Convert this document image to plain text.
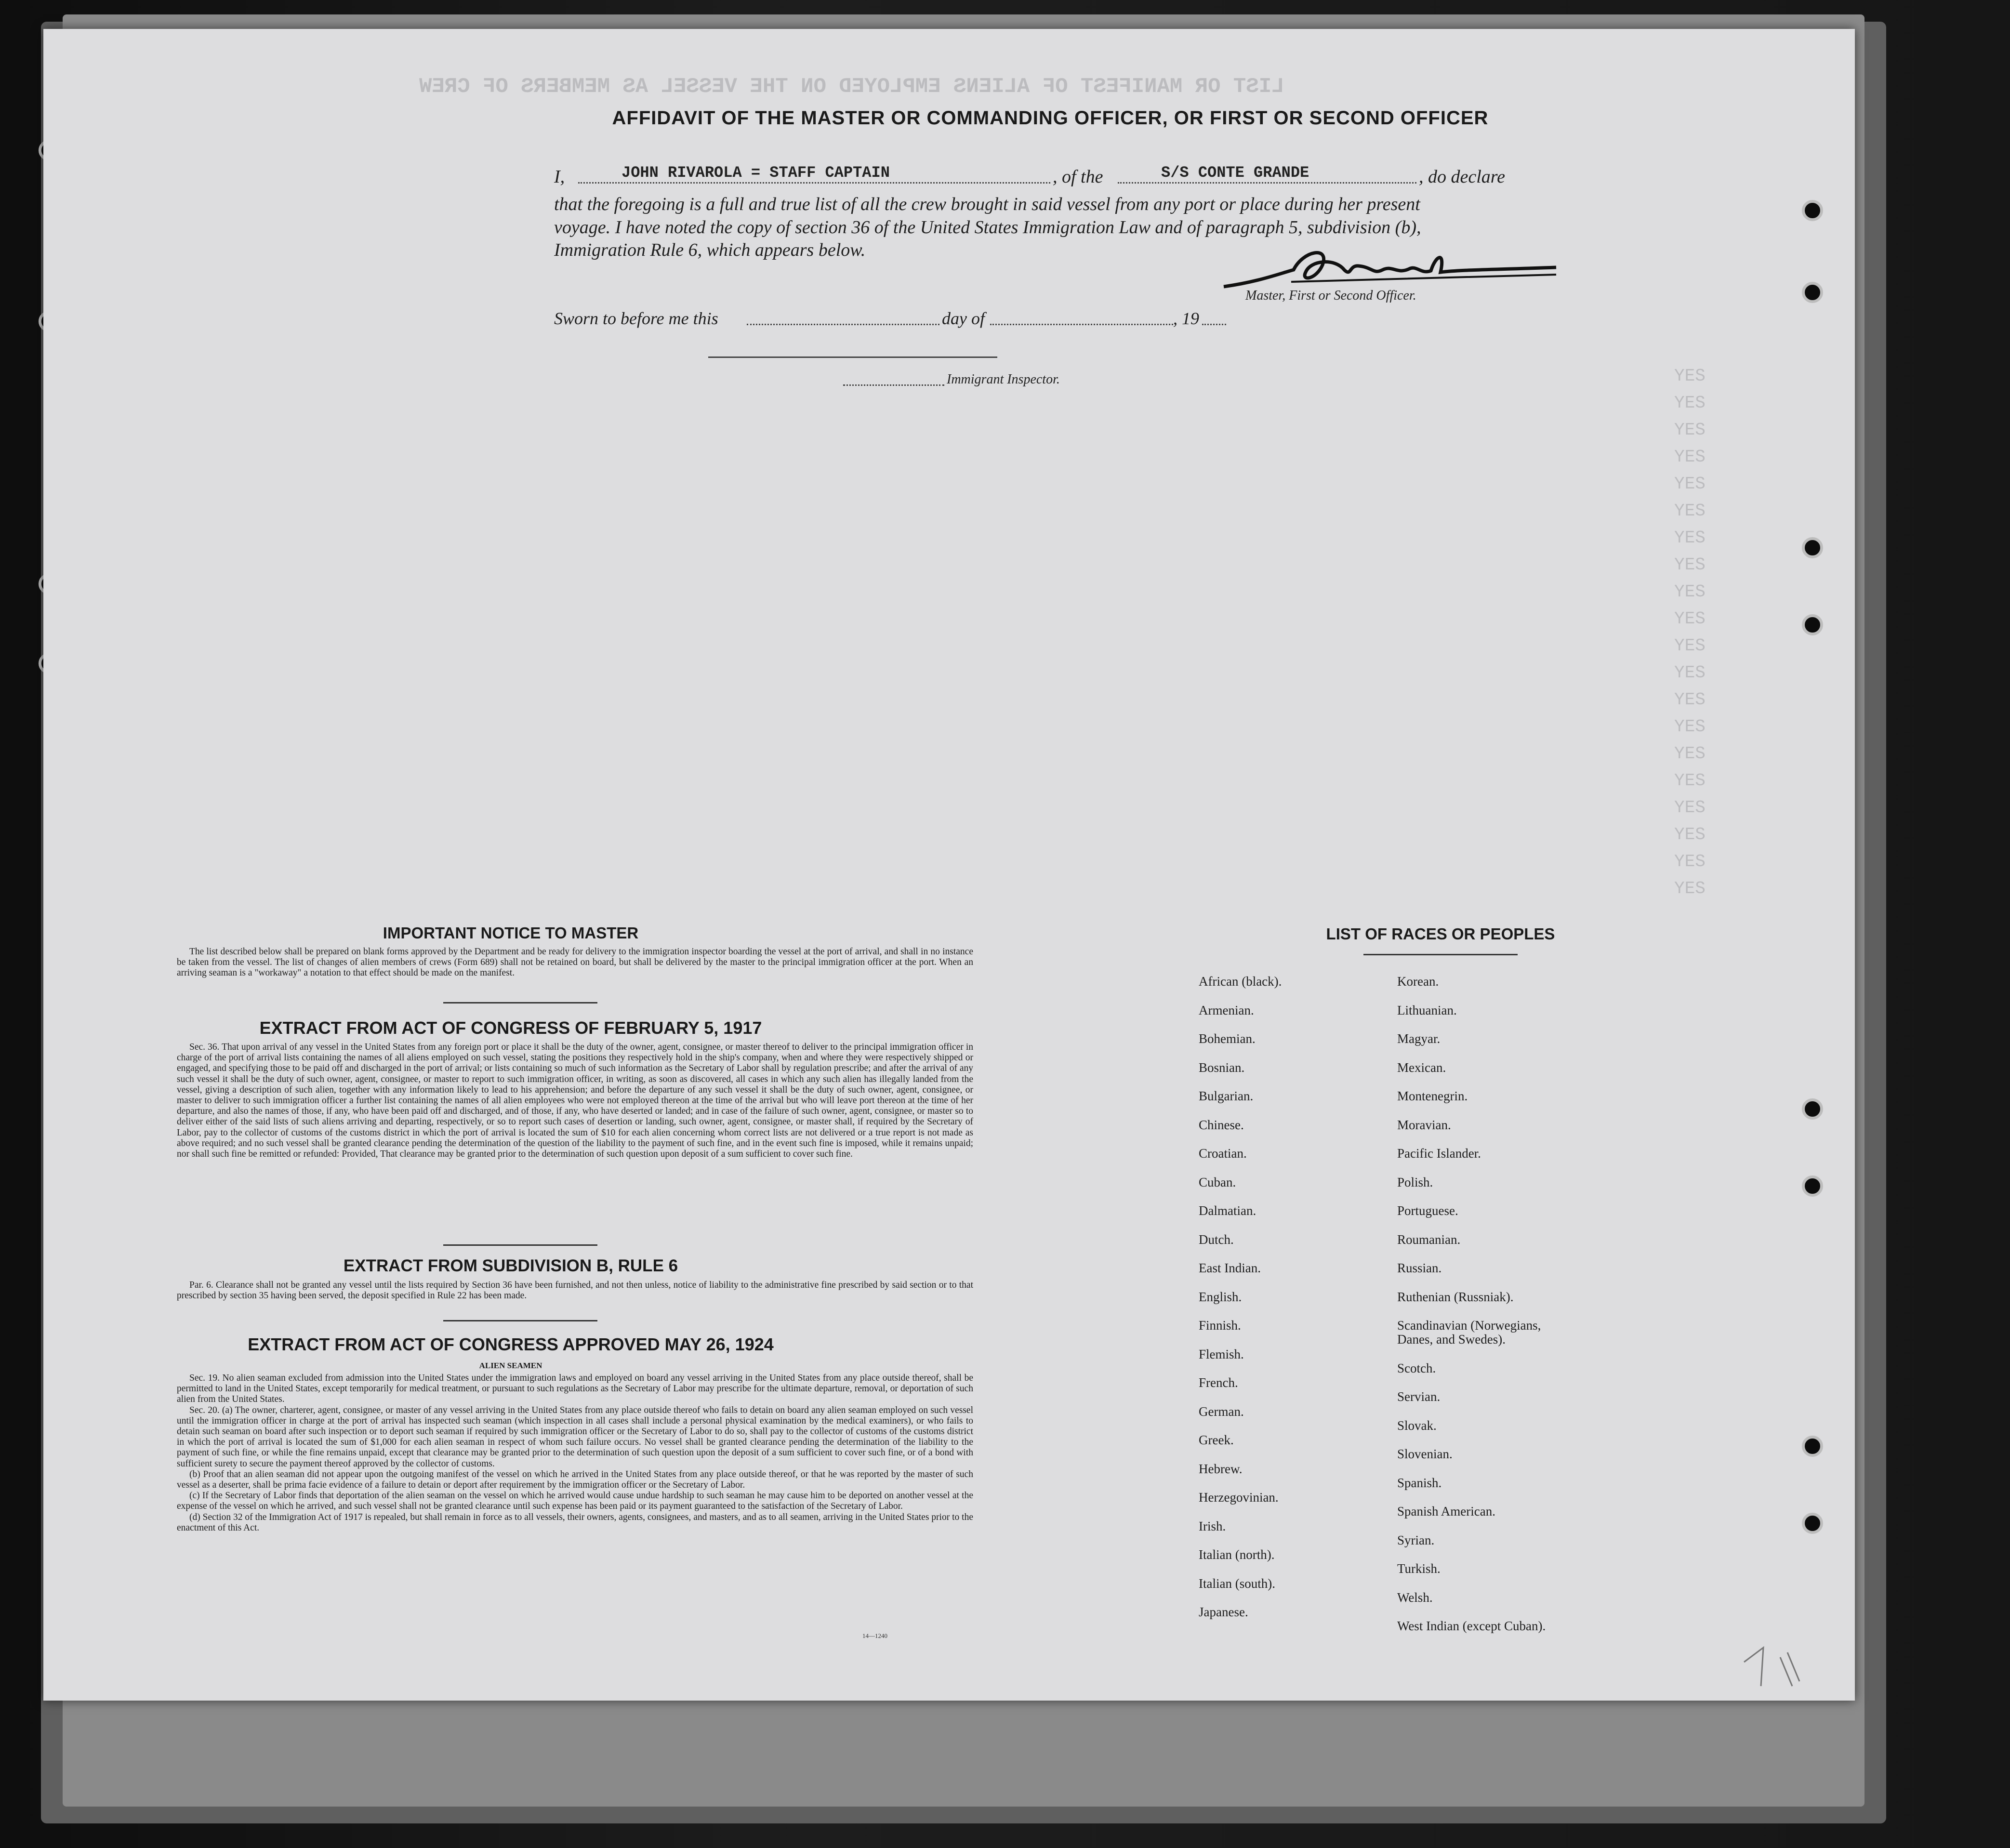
LIST OR MANIFEST OF ALIENS EMPLOYED ON THE VESSEL AS MEMBERS OF CREW
YES
YES
YES
YES
YES
YES
YES
YES
YES
YES
YES
YES
YES
YES
YES
YES
YES
YES
YES
YES
AFFIDAVIT OF THE MASTER OR COMMANDING OFFICER, OR FIRST OR SECOND OFFICER
I,	JOHN RIVAROLA = STAFF CAPTAIN	, of the	S/S CONTE GRANDE	, do declare
that the foregoing is a full and true list of all the crew brought in said vessel from any port or place during her present
voyage. I have noted the copy of section 36 of the United States Immigration Law and of paragraph 5, subdivision (b),
Immigration Rule 6, which appears below.
Master, First or Second Officer.
Sworn to before me this	day of	, 19
Immigrant Inspector.
IMPORTANT NOTICE TO MASTER

The list described below shall be prepared on blank forms approved by the Department and be ready for delivery to the immigration inspector boarding the vessel at the port of arrival, and shall in no instance be taken from the vessel. The list of changes of alien members of crews (Form 689) shall not be retained on board, but shall be delivered by the master to the principal immigration officer at the port. When an arriving seaman is a "workaway" a notation to that effect should be made on the manifest.

EXTRACT FROM ACT OF CONGRESS OF FEBRUARY 5, 1917

Sec. 36. That upon arrival of any vessel in the United States from any foreign port or place it shall be the duty of the owner, agent, consignee, or master thereof to deliver to the principal immigration officer in charge of the port of arrival lists containing the names of all aliens employed on such vessel, stating the positions they respectively hold in the ship's company, when and where they were respectively shipped or engaged, and specifying those to be paid off and discharged in the port of arrival; or lists containing so much of such information as the Secretary of Labor shall by regulation prescribe; and after the arrival of any such vessel it shall be the duty of such owner, agent, consignee, or master to report to such immigration officer, in writing, as soon as discovered, all cases in which any such alien has illegally landed from the vessel, giving a description of such alien, together with any information likely to lead to his apprehension; and before the departure of any such vessel it shall be the duty of such owner, agent, consignee, or master to deliver to such immigration officer a further list containing the names of all alien employees who were not employed thereon at the time of the arrival but who will leave port thereon at the time of her departure, and also the names of those, if any, who have been paid off and discharged, and of those, if any, who have deserted or landed; and in case of the failure of such owner, agent, consignee, or master so to deliver either of the said lists of such aliens arriving and departing, respectively, or so to report such cases of desertion or landing, such owner, agent, consignee, or master shall, if required by the Secretary of Labor, pay to the collector of customs of the customs district in which the port of arrival is located the sum of $10 for each alien concerning whom correct lists are not delivered or a true report is not made as above required; and no such vessel shall be granted clearance pending the determination of the question of the liability to the payment of such fine, and in the event such fine is imposed, while it remains unpaid; nor shall such fine be remitted or refunded: Provided, That clearance may be granted prior to the determination of such question upon deposit of a sum sufficient to cover such fine.

EXTRACT FROM SUBDIVISION B, RULE 6

Par. 6. Clearance shall not be granted any vessel until the lists required by Section 36 have been furnished, and not then unless, notice of liability to the administrative fine prescribed by said section or to that prescribed by section 35 having been served, the deposit specified in Rule 22 has been made.

EXTRACT FROM ACT OF CONGRESS APPROVED MAY 26, 1924
ALIEN SEAMEN

Sec. 19. No alien seaman excluded from admission into the United States under the immigration laws and employed on board any vessel arriving in the United States from any place outside thereof, shall be permitted to land in the United States, except temporarily for medical treatment, or pursuant to such regulations as the Secretary of Labor may prescribe for the ultimate departure, removal, or deportation of such alien from the United States.

Sec. 20. (a) The owner, charterer, agent, consignee, or master of any vessel arriving in the United States from any place outside thereof who fails to detain on board any alien seaman employed on such vessel until the immigration officer in charge at the port of arrival has inspected such seaman (which inspection in all cases shall include a personal physical examination by the medical examiners), or who fails to detain such seaman on board after such inspection or to deport such seaman if required by such immigration officer or the Secretary of Labor to do so, shall pay to the collector of customs of the customs district in which the port of arrival is located the sum of $1,000 for each alien seaman in respect of whom such failure occurs. No vessel shall be granted clearance pending the determination of the liability to the payment of such fine, or while the fine remains unpaid, except that clearance may be granted prior to the determination of such question upon the deposit of a sum sufficient to cover such fine, or of a bond with sufficient surety to secure the payment thereof approved by the collector of customs.

(b) Proof that an alien seaman did not appear upon the outgoing manifest of the vessel on which he arrived in the United States from any place outside thereof, or that he was reported by the master of such vessel as a deserter, shall be prima facie evidence of a failure to detain or deport after requirement by the immigration officer or the Secretary of Labor.

(c) If the Secretary of Labor finds that deportation of the alien seaman on the vessel on which he arrived would cause undue hardship to such seaman he may cause him to be deported on another vessel at the expense of the vessel on which he arrived, and such vessel shall not be granted clearance until such expense has been paid or its payment guaranteed to the satisfaction of the Secretary of Labor.

(d) Section 32 of the Immigration Act of 1917 is repealed, but shall remain in force as to all vessels, their owners, agents, consignees, and masters, and as to all seamen, arriving in the United States prior to the enactment of this Act.

14—1240
LIST OF RACES OR PEOPLES
African (black).
Armenian.
Bohemian.
Bosnian.
Bulgarian.
Chinese.
Croatian.
Cuban.
Dalmatian.
Dutch.
East Indian.
English.
Finnish.
Flemish.
French.
German.
Greek.
Hebrew.
Herzegovinian.
Irish.
Italian (north).
Italian (south).
Japanese.
Korean.
Lithuanian.
Magyar.
Mexican.
Montenegrin.
Moravian.
Pacific Islander.
Polish.
Portuguese.
Roumanian.
Russian.
Ruthenian (Russniak).
Scandinavian (Norwegians,
Danes, and Swedes).
Scotch.
Servian.
Slovak.
Slovenian.
Spanish.
Spanish American.
Syrian.
Turkish.
Welsh.
West Indian (except Cuban).
